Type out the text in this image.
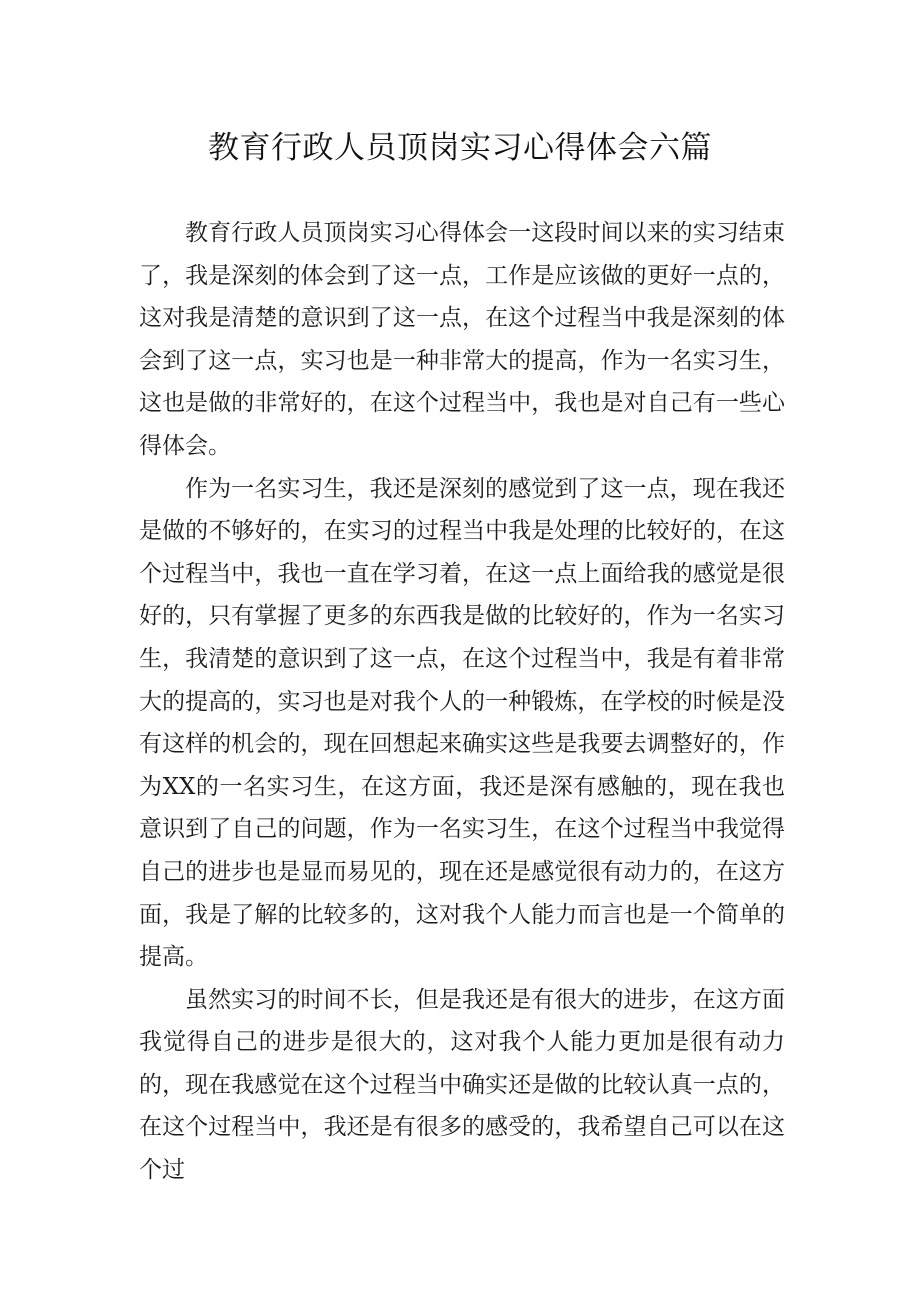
教育行政人员顶岗实习心得体会六篇

教育行政人员顶岗实习心得体会一这段时间以来的实习结束了，我是深刻的体会到了这一点，工作是应该做的更好一点的，这对我是清楚的意识到了这一点，在这个过程当中我是深刻的体会到了这一点，实习也是一种非常大的提高，作为一名实习生，这也是做的非常好的，在这个过程当中，我也是对自己有一些心得体会。

作为一名实习生，我还是深刻的感觉到了这一点，现在我还是做的不够好的，在实习的过程当中我是处理的比较好的，在这个过程当中，我也一直在学习着，在这一点上面给我的感觉是很好的，只有掌握了更多的东西我是做的比较好的，作为一名实习生，我清楚的意识到了这一点，在这个过程当中，我是有着非常大的提高的，实习也是对我个人的一种锻炼，在学校的时候是没有这样的机会的，现在回想起来确实这些是我要去调整好的，作为XX的一名实习生，在这方面，我还是深有感触的，现在我也意识到了自己的问题，作为一名实习生，在这个过程当中我觉得自己的进步也是显而易见的，现在还是感觉很有动力的，在这方面，我是了解的比较多的，这对我个人能力而言也是一个简单的提高。

虽然实习的时间不长，但是我还是有很大的进步，在这方面我觉得自己的进步是很大的，这对我个人能力更加是很有动力的，现在我感觉在这个过程当中确实还是做的比较认真一点的，在这个过程当中，我还是有很多的感受的，我希望自己可以在这个过
